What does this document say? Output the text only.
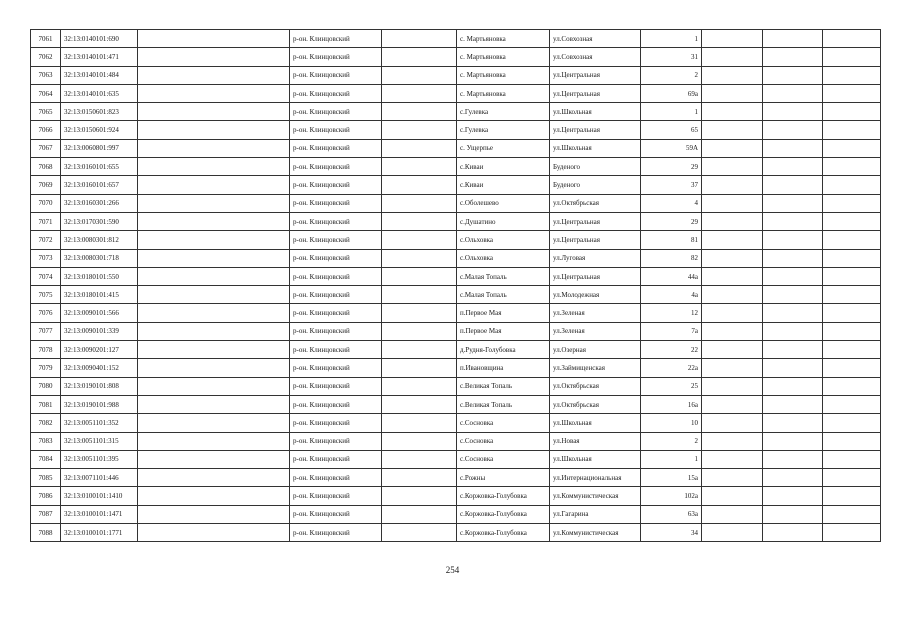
7061	32:13:0140101:690		р-он. Клинцовский		с. Мартьяновка	ул.Совхозная	1			
7062	32:13:0140101:471		р-он. Клинцовский		с. Мартьяновка	ул.Совхозная	31			
7063	32:13:0140101:484		р-он. Клинцовский		с. Мартьяновка	ул.Центральная	2			
7064	32:13:0140101:635		р-он. Клинцовский		с. Мартьяновка	ул.Центральная	69а			
7065	32:13:0150601:823		р-он. Клинцовский		с.Гулевка	ул.Школьная	1			
7066	32:13:0150601:924		р-он. Клинцовский		с.Гулевка	ул.Центральная	65			
7067	32:13:0060801:997		р-он. Клинцовский		с. Ущерпье	ул.Школьная	59А			
7068	32:13:0160101:655		р-он. Клинцовский		с.Киваи	Буденого	29			
7069	32:13:0160101:657		р-он. Клинцовский		с.Киваи	Буденого	37			
7070	32:13:0160301:266		р-он. Клинцовский		с.Оболешево	ул.Октябрьская	4			
7071	32:13:0170301:590		р-он. Клинцовский		с.Душатино	ул.Центральная	29			
7072	32:13:0080301:812		р-он. Клинцовский		с.Ольховка	ул.Центральная	81			
7073	32:13:0080301:718		р-он. Клинцовский		с.Ольховка	ул.Луговая	82			
7074	32:13:0180101:550		р-он. Клинцовский		с.Малая Топаль	ул.Центральная	44а			
7075	32:13:0180101:415		р-он. Клинцовский		с.Малая Топаль	ул.Молодежная	4а			
7076	32:13:0090101:566		р-он. Клинцовский		п.Первое Мая	ул.Зеленая	12			
7077	32:13:0090101:339		р-он. Клинцовский		п.Первое Мая	ул.Зеленая	7а			
7078	32:13:0090201:127		р-он. Клинцовский		д.Рудня-Голубовка	ул.Озерная	22			
7079	32:13:0090401:152		р-он. Клинцовский		п.Ивановщина	ул.Займищенская	22а			
7080	32:13:0190101:808		р-он. Клинцовский		с.Великая Топаль	ул.Октябрьская	25			
7081	32:13:0190101:988		р-он. Клинцовский		с.Великая Топаль	ул.Октябрьская	16а			
7082	32:13:0051101:352		р-он. Клинцовский		с.Сосновка	ул.Школьная	10			
7083	32:13:0051101:315		р-он. Клинцовский		с.Сосновка	ул.Новая	2			
7084	32:13:0051101:395		р-он. Клинцовский		с.Сосновка	ул.Школьная	1			
7085	32:13:0071101:446		р-он. Клинцовский		с.Рожны	ул.Интернациональная	15а			
7086	32:13:0100101:1410		р-он. Клинцовский		с.Коржовка-Голубовка	ул.Коммунистическая	102а			
7087	32:13:0100101:1471		р-он. Клинцовский		с.Коржовка-Голубовка	ул.Гагарина	63а			
7088	32:13:0100101:1771		р-он. Клинцовский		с.Коржовка-Голубовка	ул.Коммунистическая	34			
254
